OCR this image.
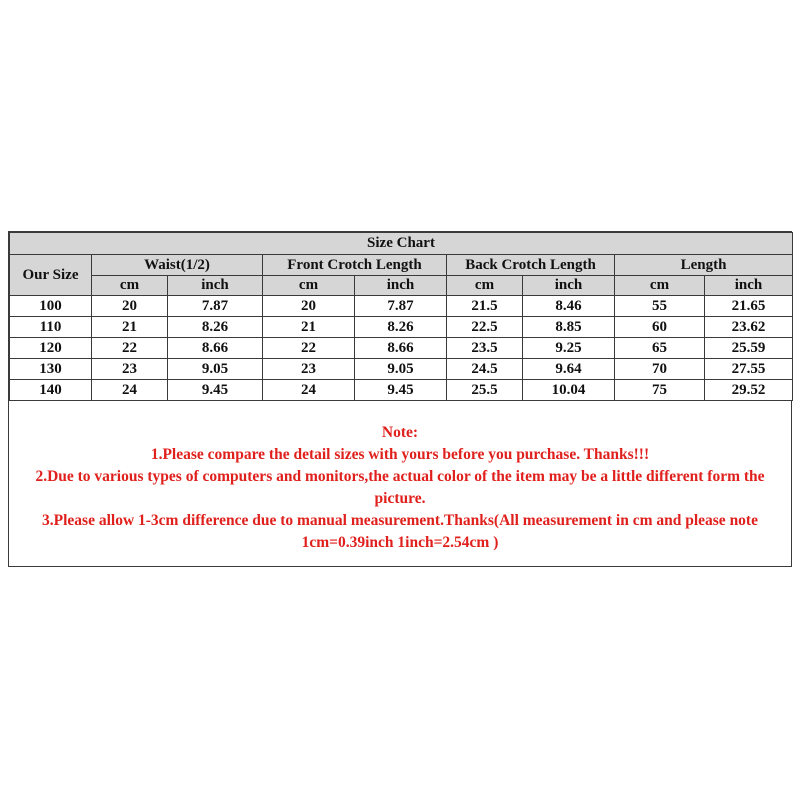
Size Chart								
Our Size	Waist(1/2)		Front Crotch Length		Back Crotch Length		Length	
	cm	inch	cm	inch	cm	inch	cm	inch
100	20	7.87	20	7.87	21.5	8.46	55	21.65
110	21	8.26	21	8.26	22.5	8.85	60	23.62
120	22	8.66	22	8.66	23.5	9.25	65	25.59
130	23	9.05	23	9.05	24.5	9.64	70	27.55
140	24	9.45	24	9.45	25.5	10.04	75	29.52
Note:
1.Please compare the detail sizes with yours before you purchase. Thanks!!!
2.Due to various types of computers and monitors,the actual color of the item may be a little different form the picture.
3.Please allow 1-3cm difference due to manual measurement.Thanks(All measurement in cm and please note 1cm=0.39inch 1inch=2.54cm )
